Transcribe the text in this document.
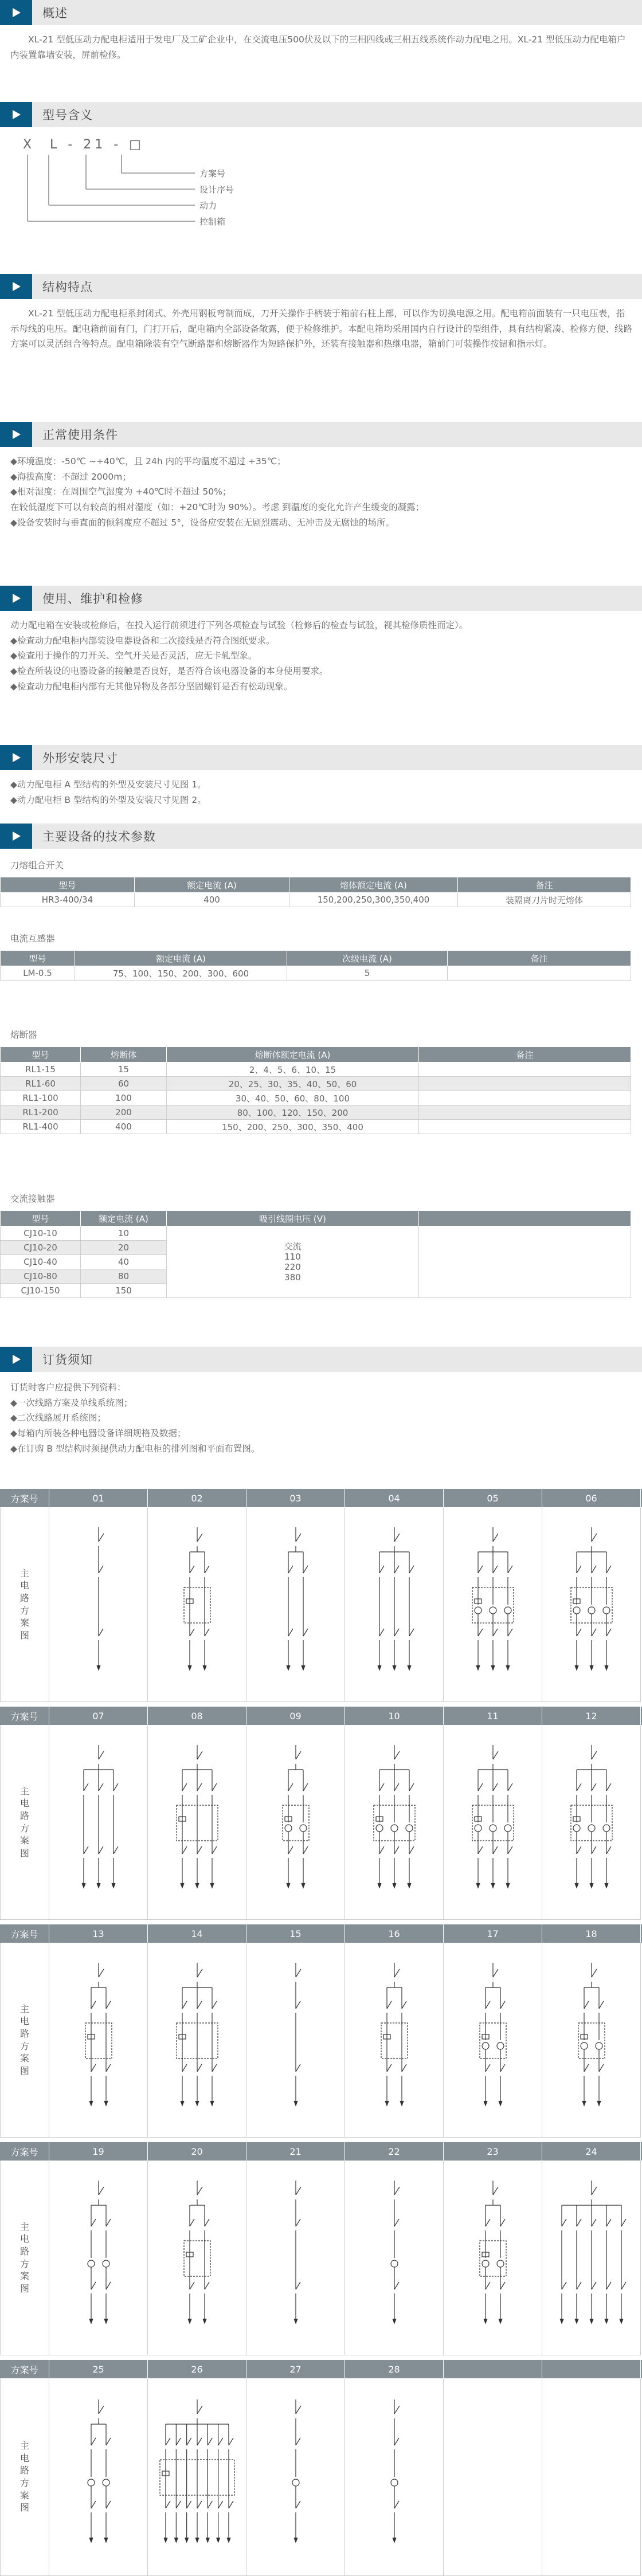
概述
XL-21 型低压动力配电柜适用于发电厂及工矿企业中，在交流电压500伏及以下的三相四线或三相五线系统作动力配电之用。XL-21 型低压动力配电箱户内装置靠墙安装，屏前检修。
型号含义
X  L - 21 - □
方案号
设计序号
动力
控制箱
结构特点
XL-21 型低压动力配电柜系封闭式、外壳用钢板弯制而成，刀开关操作手柄装于箱前右柱上部，可以作为切换电源之用。配电箱前面装有一只电压表，指示母线的电压。配电箱前面有门，门打开后，配电箱内全部设备敞露，便于检修维护。本配电箱均采用国内自行设计的型组件，具有结构紧凑、检修方便、线路方案可以灵活组合等特点。配电箱除装有空气断路器和熔断器作为短路保护外，还装有接触器和热继电器，箱前门可装操作按钮和指示灯。
正常使用条件
◆环境温度：-50℃ ~+40℃，且 24h 内的平均温度不超过 +35℃；
◆海拔高度：不超过 2000m；
◆相对湿度：在周围空气湿度为 +40℃时不超过 50%；
在较低湿度下可以有较高的相对湿度（如：+20℃时为 90%）。考虑 到温度的变化允许产生缓变的凝露；
◆设备安装时与垂直面的倾斜度应不超过 5°，设备应安装在无剧烈震动、无冲击及无腐蚀的场所。
使用、维护和检修
动力配电箱在安装或检修后，在投入运行前须进行下列各项检查与试验（检修后的检查与试验，视其检修质性而定）。
◆检查动力配电柜内部装设电器设备和二次接线是否符合图纸要求。
◆检查用于操作的刀开关、空气开关是否灵活，应无卡轧型象。
◆检查所装设的电器设备的接触是否良好，是否符合该电器设备的本身使用要求。
◆检查动力配电柜内部有无其他异物及各部分坚固螺钉是否有松动现象。
外形安装尺寸
◆动力配电柜 A 型结构的外型及安装尺寸见图 1。
◆动力配电柜 B 型结构的外型及安装尺寸见图 2。
主要设备的技术参数
刀熔组合开关
型号	额定电流 (A)	熔体额定电流 (A)	备注
HR3-400/34	400	150,200,250,300,350,400	装隔离刀片时无熔体
电流互感器
型号	额定电流 (A)	次级电流 (A)	备注
LM-0.5	75、100、150、200、300、600	5	
熔断器
型号	熔断体	熔断体额定电流 (A)	备注
RL1-15	15	2、4、5、6、10、15	
RL1-60	60	20、25、30、35、40、50、60	
RL1-100	100	30、40、50、60、80、100	
RL1-200	200	80、100、120、150、200	
RL1-400	400	150、200、250、300、350、400	
交流接触器
型号	额定电流 (A)	吸引线圈电压 (V)	
CJ10-10	10	交流
110
220
380	

CJ10-20	20		
CJ10-40	40		
CJ10-80	80		
CJ10-150	150		
订货须知
订货时客户应提供下列资料：
◆一次线路方案及单线系统图；
◆二次线路展开系统图；
◆每箱内所装各种电器设备详细规格及数据；
◆在订购 B 型结构时须提供动力配电柜的排列图和平面布置图。
方案号	01	02	03	04	05	06
主电路方案图
方案号	07	08	09	10	11	12
主电路方案图
方案号	13	14	15	16	17	18
主电路方案图
方案号	19	20	21	22	23	24
主电路方案图
方案号	25	26	27	28
主电路方案图
